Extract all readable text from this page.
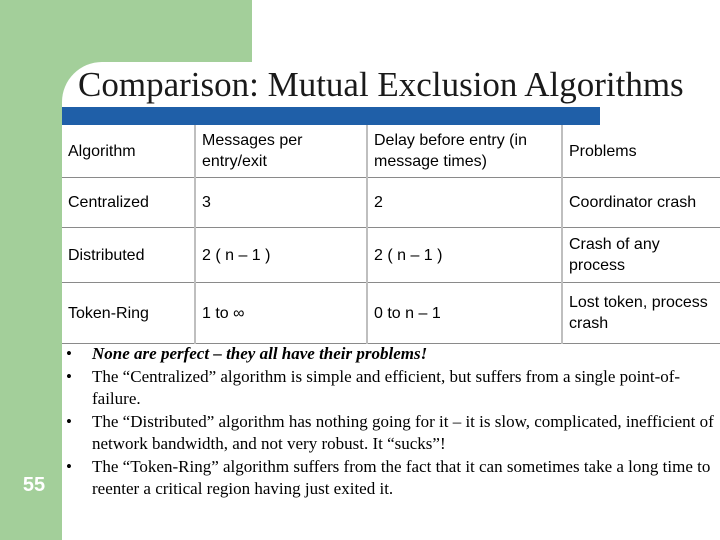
Comparison: Mutual Exclusion Algorithms
Algorithm	Messages per entry/exit	Delay before entry (in message times)	Problems
Centralized	3	2	Coordinator crash
Distributed	2 ( n – 1 )	2 ( n – 1 )	Crash of any process
Token-Ring	1 to ∞	0 to n – 1	Lost token, process crash
• None are perfect – they all have their problems!
• The “Centralized” algorithm is simple and efficient, but suffers from a single point-of-failure.
• The “Distributed” algorithm has nothing going for it – it is slow, complicated, inefficient of network bandwidth, and not very robust. It “sucks”!
• The “Token-Ring” algorithm suffers from the fact that it can sometimes take a long time to reenter a critical region having just exited it.
55
